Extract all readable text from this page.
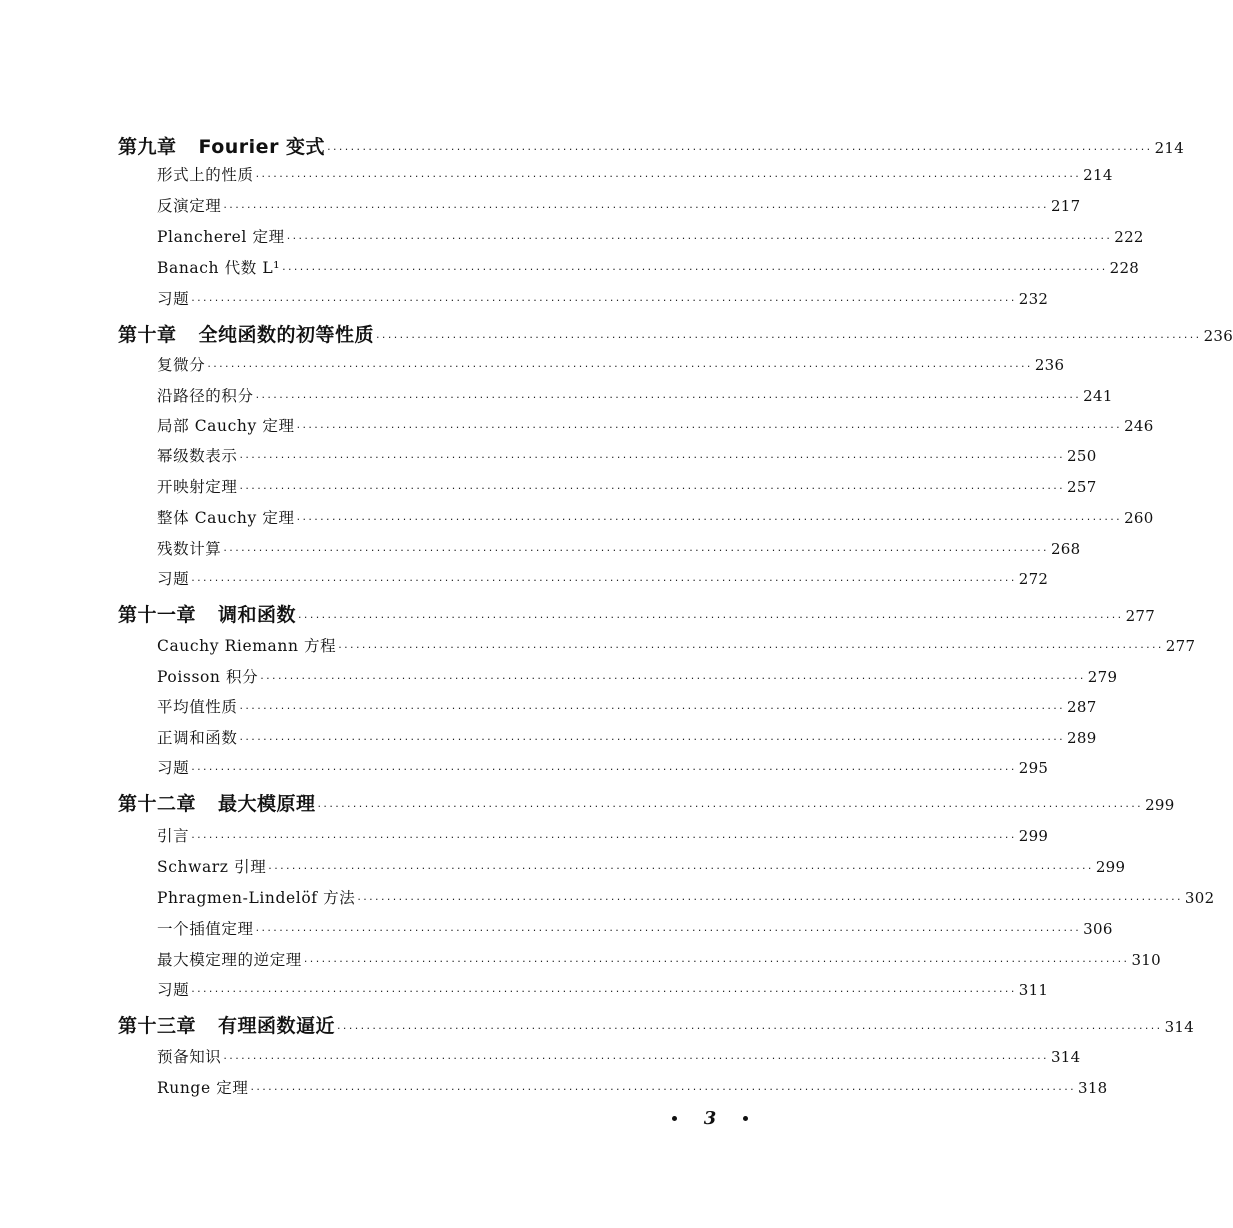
第九章 Fourier 变式 ············································································································································ 214
形式上的性质 ············································································································································ 214
反演定理 ············································································································································ 217
Plancherel 定理 ············································································································································ 222
Banach 代数 L¹ ············································································································································ 228
习题 ············································································································································ 232
第十章 全纯函数的初等性质 ············································································································································ 236
复微分 ············································································································································ 236
沿路径的积分 ············································································································································ 241
局部 Cauchy 定理 ············································································································································ 246
幂级数表示 ············································································································································ 250
开映射定理 ············································································································································ 257
整体 Cauchy 定理 ············································································································································ 260
残数计算 ············································································································································ 268
习题 ············································································································································ 272
第十一章 调和函数 ············································································································································ 277
Cauchy Riemann 方程 ············································································································································ 277
Poisson 积分 ············································································································································ 279
平均值性质 ············································································································································ 287
正调和函数 ············································································································································ 289
习题 ············································································································································ 295
第十二章 最大模原理 ············································································································································ 299
引言 ············································································································································ 299
Schwarz 引理 ············································································································································ 299
Phragmen-Lindelöf 方法 ············································································································································ 302
一个插值定理 ············································································································································ 306
最大模定理的逆定理 ············································································································································ 310
习题 ············································································································································ 311
第十三章 有理函数逼近 ············································································································································ 314
预备知识 ············································································································································ 314
Runge 定理 ············································································································································ 318
3
